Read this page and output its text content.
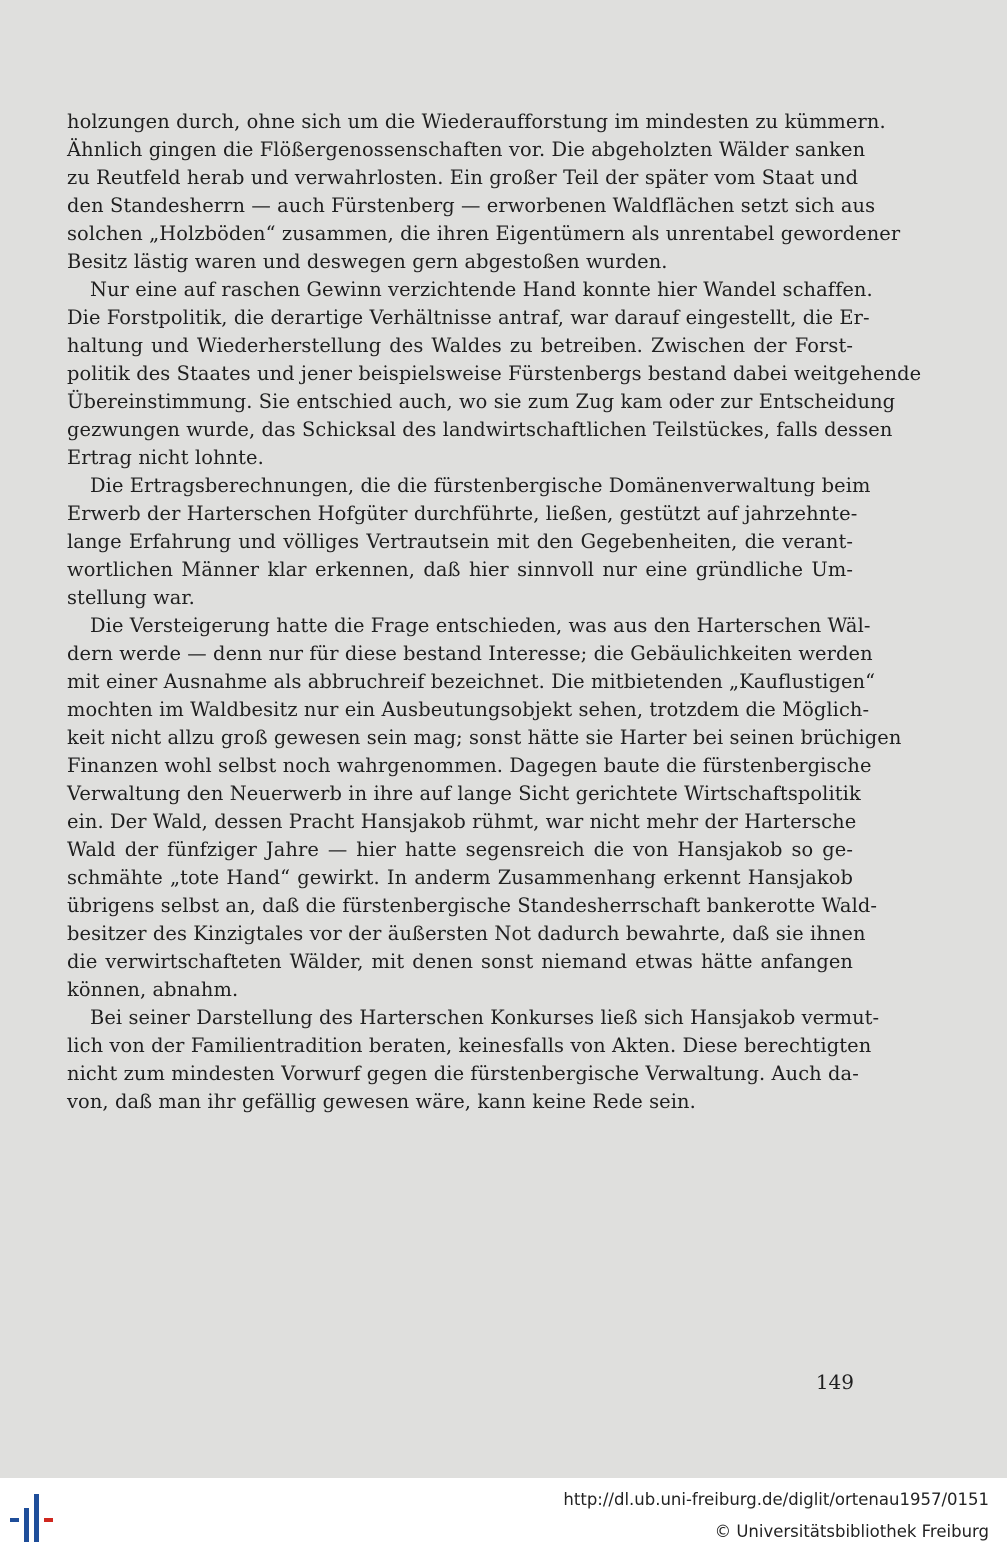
holzungen durch, ohne sich um die Wiederaufforstung im mindesten zu kümmern.
Ähnlich gingen die Flößergenossenschaften vor. Die abgeholzten Wälder sanken
zu Reutfeld herab und verwahrlosten. Ein großer Teil der später vom Staat und
den Standesherrn — auch Fürstenberg — erworbenen Waldflächen setzt sich aus
solchen „Holzböden“ zusammen, die ihren Eigentümern als unrentabel gewordener
Besitz lästig waren und deswegen gern abgestoßen wurden.
Nur eine auf raschen Gewinn verzichtende Hand konnte hier Wandel schaffen.
Die Forstpolitik, die derartige Verhältnisse antraf, war darauf eingestellt, die Er-
haltung und Wiederherstellung des Waldes zu betreiben. Zwischen der Forst-
politik des Staates und jener beispielsweise Fürstenbergs bestand dabei weitgehende
Übereinstimmung. Sie entschied auch, wo sie zum Zug kam oder zur Entscheidung
gezwungen wurde, das Schicksal des landwirtschaftlichen Teilstückes, falls dessen
Ertrag nicht lohnte.
Die Ertragsberechnungen, die die fürstenbergische Domänenverwaltung beim
Erwerb der Harterschen Hofgüter durchführte, ließen, gestützt auf jahrzehnte-
lange Erfahrung und völliges Vertrautsein mit den Gegebenheiten, die verant-
wortlichen Männer klar erkennen, daß hier sinnvoll nur eine gründliche Um-
stellung war.
Die Versteigerung hatte die Frage entschieden, was aus den Harterschen Wäl-
dern werde — denn nur für diese bestand Interesse; die Gebäulichkeiten werden
mit einer Ausnahme als abbruchreif bezeichnet. Die mitbietenden „Kauflustigen“
mochten im Waldbesitz nur ein Ausbeutungsobjekt sehen, trotzdem die Möglich-
keit nicht allzu groß gewesen sein mag; sonst hätte sie Harter bei seinen brüchigen
Finanzen wohl selbst noch wahrgenommen. Dagegen baute die fürstenbergische
Verwaltung den Neuerwerb in ihre auf lange Sicht gerichtete Wirtschaftspolitik
ein. Der Wald, dessen Pracht Hansjakob rühmt, war nicht mehr der Hartersche
Wald der fünfziger Jahre — hier hatte segensreich die von Hansjakob so ge-
schmähte „tote Hand“ gewirkt. In anderm Zusammenhang erkennt Hansjakob
übrigens selbst an, daß die fürstenbergische Standesherrschaft bankerotte Wald-
besitzer des Kinzigtales vor der äußersten Not dadurch bewahrte, daß sie ihnen
die verwirtschafteten Wälder, mit denen sonst niemand etwas hätte anfangen
können, abnahm.
Bei seiner Darstellung des Harterschen Konkurses ließ sich Hansjakob vermut-
lich von der Familientradition beraten, keinesfalls von Akten. Diese berechtigten
nicht zum mindesten Vorwurf gegen die fürstenbergische Verwaltung. Auch da-
von, daß man ihr gefällig gewesen wäre, kann keine Rede sein.
149
http://dl.ub.uni-freiburg.de/diglit/ortenau1957/0151
© Universitätsbibliothek Freiburg
